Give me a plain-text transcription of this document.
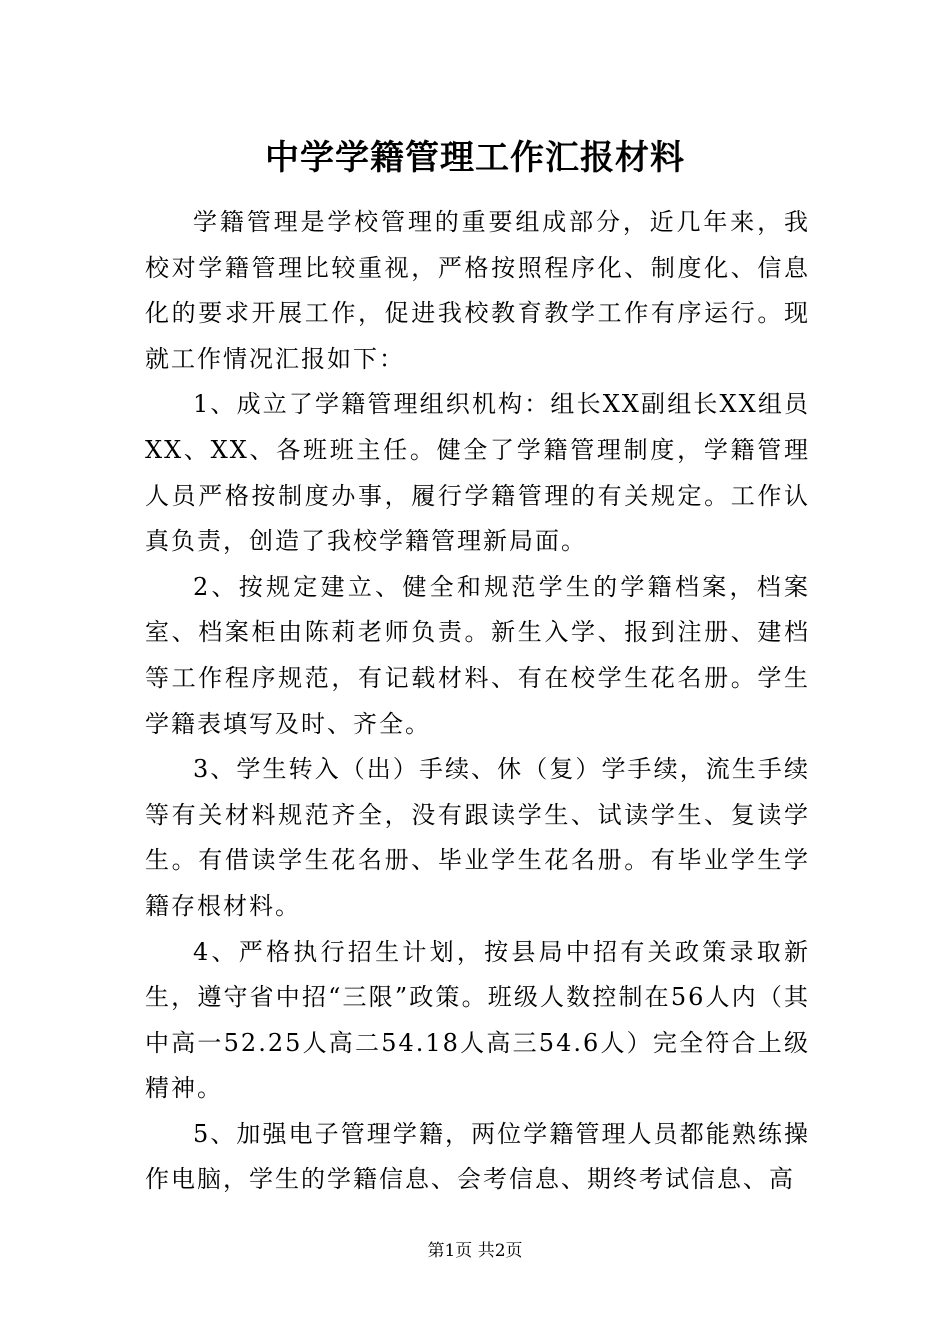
中学学籍管理工作汇报材料

学籍管理是学校管理的重要组成部分，近几年来，我校对学籍管理比较重视，严格按照程序化、制度化、信息化的要求开展工作，促进我校教育教学工作有序运行。现就工作情况汇报如下：

1、成立了学籍管理组织机构：组长XX副组长XX组员XX、XX、各班班主任。健全了学籍管理制度，学籍管理人员严格按制度办事，履行学籍管理的有关规定。工作认真负责，创造了我校学籍管理新局面。

2、按规定建立、健全和规范学生的学籍档案，档案室、档案柜由陈莉老师负责。新生入学、报到注册、建档等工作程序规范，有记载材料、有在校学生花名册。学生学籍表填写及时、齐全。

3、学生转入（出）手续、休（复）学手续，流生手续等有关材料规范齐全，没有跟读学生、试读学生、复读学生。有借读学生花名册、毕业学生花名册。有毕业学生学籍存根材料。

4、严格执行招生计划，按县局中招有关政策录取新生，遵守省中招“三限”政策。班级人数控制在56人内（其中高一52.25人高二54.18人高三54.6人）完全符合上级精神。

5、加强电子管理学籍，两位学籍管理人员都能熟练操作电脑，学生的学籍信息、会考信息、期终考试信息、高

第1页 共2页
